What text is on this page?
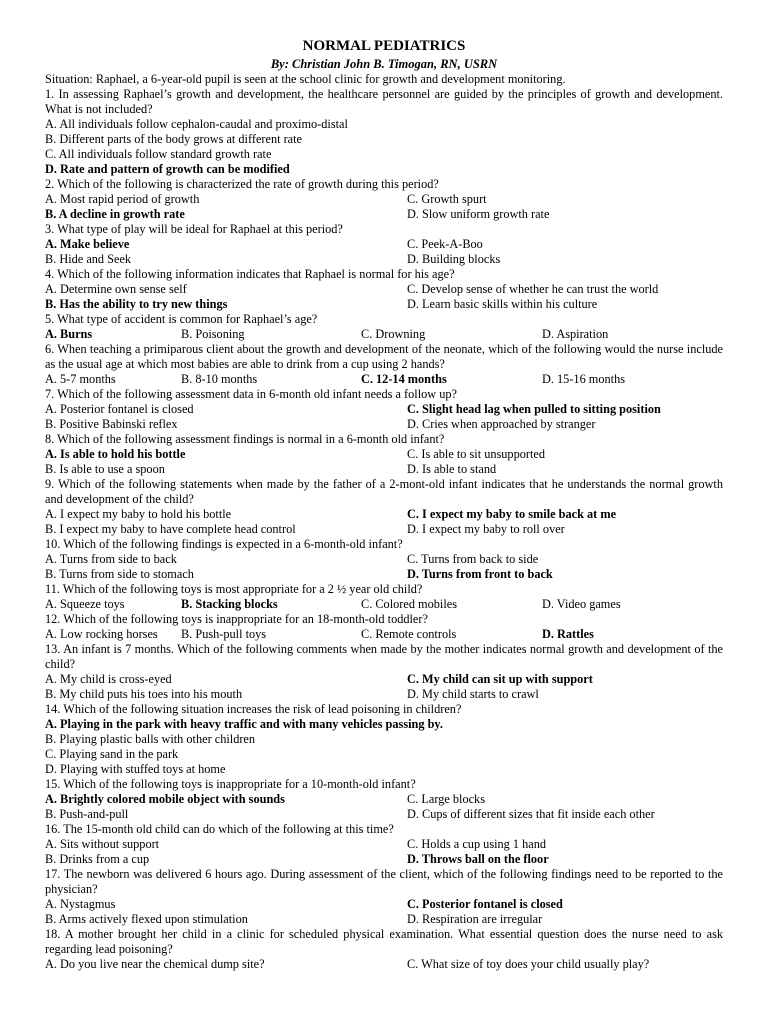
NORMAL PEDIATRICS

By: Christian John B. Timogan, RN, USRN

Situation: Raphael, a 6-year-old pupil is seen at the school clinic for growth and development monitoring.
1. In assessing Raphael’s growth and development, the healthcare personnel are guided by the principles of growth and development. What is not included?
A. All individuals follow cephalon-caudal and proximo-distal
B. Different parts of the body grows at different rate
C. All individuals follow standard growth rate
D. Rate and pattern of growth can be modified
2. Which of the following is characterized the rate of growth during this period?
A. Most rapid period of growth	C. Growth spurt
B. A decline in growth rate	D. Slow uniform growth rate
3. What type of play will be ideal for Raphael at this period?
A. Make believe	C. Peek-A-Boo
B. Hide and Seek	D. Building blocks
4. Which of the following information indicates that Raphael is normal for his age?
A. Determine own sense self	C. Develop sense of whether he can trust the world
B. Has the ability to try new things	D. Learn basic skills within his culture
5. What type of accident is common for Raphael’s age?
A. Burns	B. Poisoning	C. Drowning	D. Aspiration
6. When teaching a primiparous client about the growth and development of the neonate, which of the following would the nurse include as the usual age at which most babies are able to drink from a cup using 2 hands?
A. 5-7 months	B. 8-10 months	C. 12-14 months	D. 15-16 months
7. Which of the following assessment data in 6-month old infant needs a follow up?
A. Posterior fontanel is closed	C. Slight head lag when pulled to sitting position
B. Positive Babinski reflex	D. Cries when approached by stranger
8. Which of the following assessment findings is normal in a 6-month old infant?
A. Is able to hold his bottle	C. Is able to sit unsupported
B. Is able to use a spoon	D. Is able to stand
9. Which of the following statements when made by the father of a 2-mont-old infant indicates that he understands the normal growth and development of the child?
A. I expect my baby to hold his bottle	C. I expect my baby to smile back at me
B. I expect my baby to have complete head control	D. I expect my baby to roll over
10. Which of the following findings is expected in a 6-month-old infant?
A. Turns from side to back	C. Turns from back to side
B. Turns from side to stomach	D. Turns from front to back
11. Which of the following toys is most appropriate for a 2 ½ year old child?
A. Squeeze toys	B. Stacking blocks	C. Colored mobiles	D. Video games
12. Which of the following toys is inappropriate for an 18-month-old toddler?
A. Low rocking horses B. Push-pull toys	C. Remote controls	D. Rattles
13. An infant is 7 months. Which of the following comments when made by the mother indicates normal growth and development of the child?
A. My child is cross-eyed	C. My child can sit up with support
B. My child puts his toes into his mouth	D. My child starts to crawl
14. Which of the following situation increases the risk of lead poisoning in children?
A. Playing in the park with heavy traffic and with many vehicles passing by.
B. Playing plastic balls with other children
C. Playing sand in the park
D. Playing with stuffed toys at home
15. Which of the following toys is inappropriate for a 10-month-old infant?
A. Brightly colored mobile object with sounds	C. Large blocks
B. Push-and-pull	D. Cups of different sizes that fit inside each other
16. The 15-month old child can do which of the following at this time?
A. Sits without support	C. Holds a cup using 1 hand
B. Drinks from a cup	D. Throws ball on the floor
17. The newborn was delivered 6 hours ago. During assessment of the client, which of the following findings need to be reported to the physician?
A. Nystagmus	C. Posterior fontanel is closed
B. Arms actively flexed upon stimulation	D. Respiration are irregular
18. A mother brought her child in a clinic for scheduled physical examination. What essential question does the nurse need to ask regarding lead poisoning?
A. Do you live near the chemical dump site?	C. What size of toy does your child usually play?
